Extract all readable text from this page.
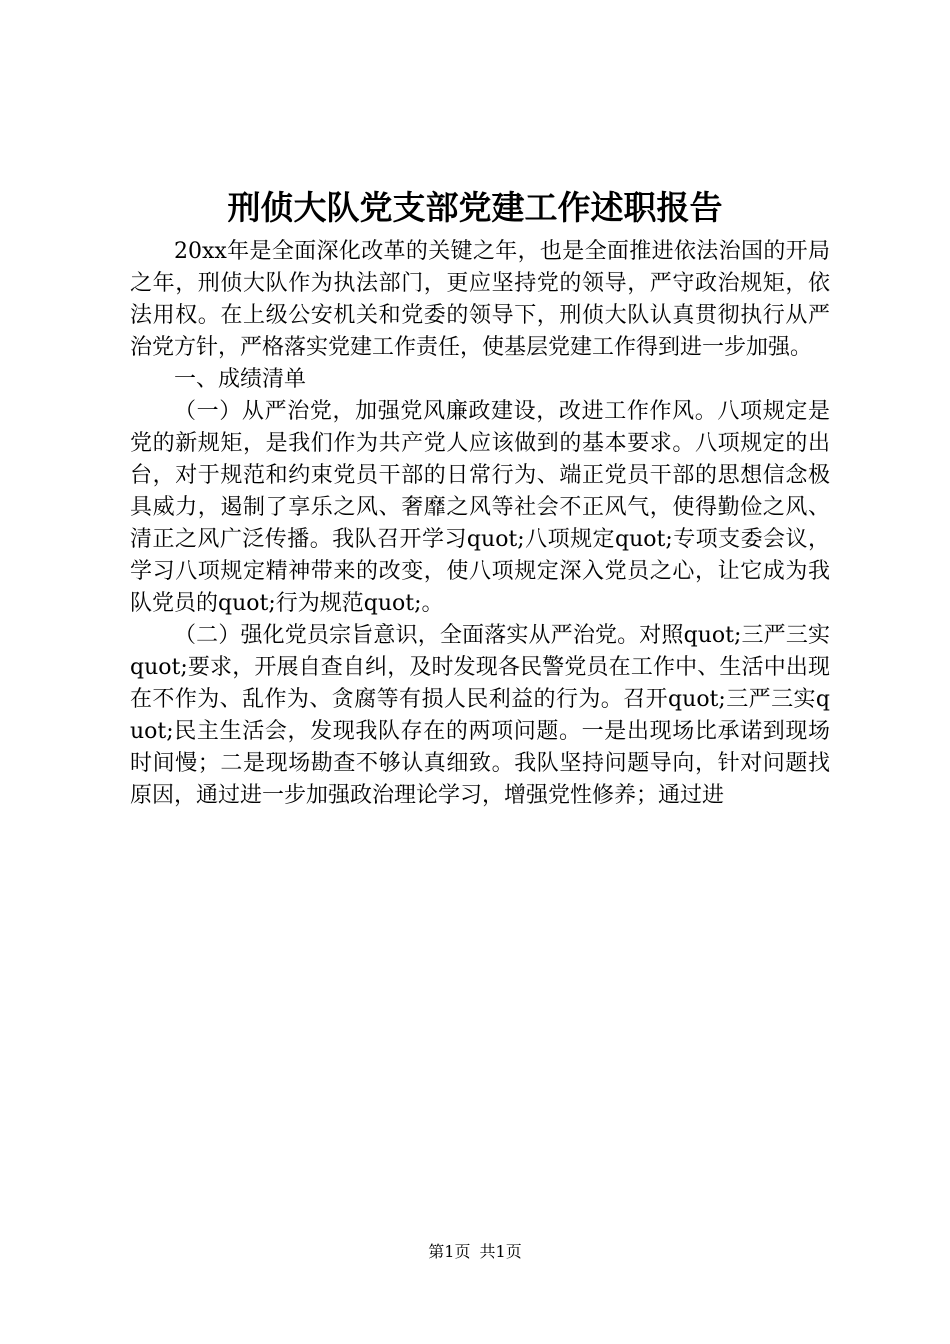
刑侦大队党支部党建工作述职报告

20xx年是全面深化改革的关键之年，也是全面推进依法治国的开局之年，刑侦大队作为执法部门，更应坚持党的领导，严守政治规矩，依法用权。在上级公安机关和党委的领导下，刑侦大队认真贯彻执行从严治党方针，严格落实党建工作责任，使基层党建工作得到进一步加强。

一、成绩清单

（一）从严治党，加强党风廉政建设，改进工作作风。八项规定是党的新规矩，是我们作为共产党人应该做到的基本要求。八项规定的出台，对于规范和约束党员干部的日常行为、端正党员干部的思想信念极具威力，遏制了享乐之风、奢靡之风等社会不正风气，使得勤俭之风、清正之风广泛传播。我队召开学习quot;八项规定quot;专项支委会议，学习八项规定精神带来的改变，使八项规定深入党员之心，让它成为我队党员的quot;行为规范quot;。

（二）强化党员宗旨意识，全面落实从严治党。对照quot;三严三实quot;要求，开展自查自纠，及时发现各民警党员在工作中、生活中出现在不作为、乱作为、贪腐等有损人民利益的行为。召开quot;三严三实quot;民主生活会，发现我队存在的两项问题。一是出现场比承诺到现场时间慢；二是现场勘查不够认真细致。我队坚持问题导向，针对问题找原因，通过进一步加强政治理论学习，增强党性修养；通过进

第1页 共1页
